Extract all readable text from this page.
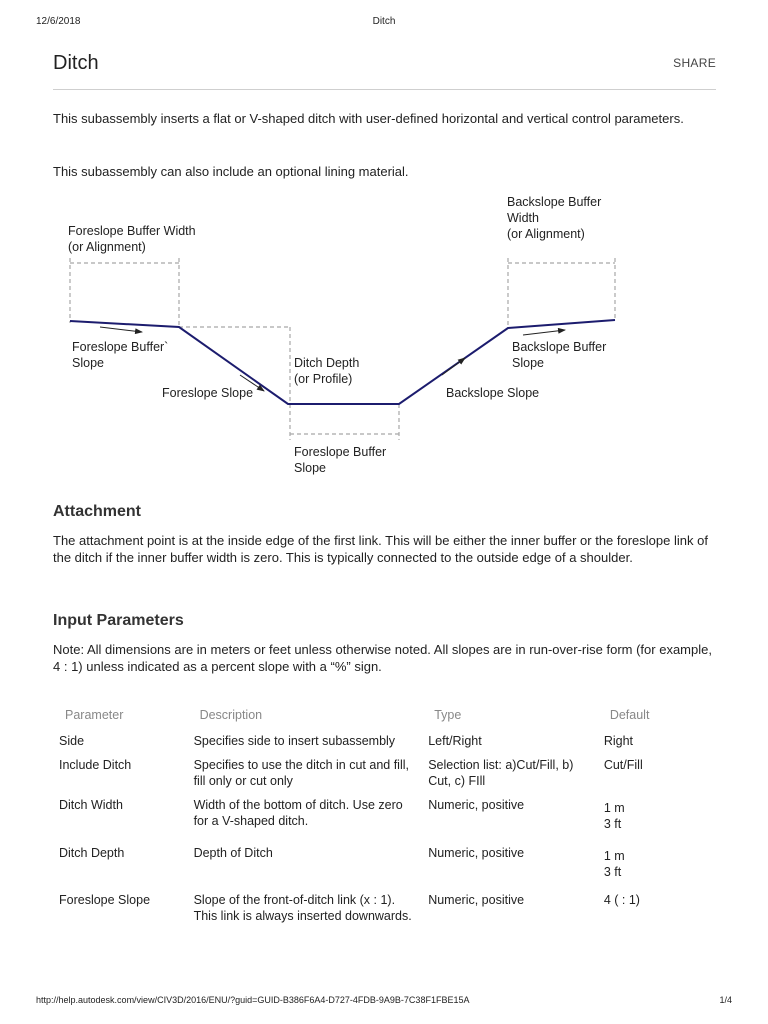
12/6/2018	Ditch
Ditch	SHARE

This subassembly inserts a flat or V-shaped ditch with user-defined horizontal and vertical control parameters.

This subassembly can also include an optional lining material.

Foreslope Buffer Width
(or Alignment)
Backslope Buffer
Width
(or Alignment)
Foreslope Buffer`
Slope	Ditch Depth
(or Profile)
Backslope Buffer
Slope
Foreslope Slope	Backslope Slope
Foreslope Buffer
Slope
Attachment

The attachment point is at the inside edge of the first link. This will be either the inner buffer or the foreslope link of the ditch if the inner buffer width is zero. This is typically connected to the outside edge of a shoulder.

Input Parameters

Note: All dimensions are in meters or feet unless otherwise noted. All slopes are in run-over-rise form (for example, 4 : 1) unless indicated as a percent slope with a “%” sign.

Parameter	Description	Type	Default
Side	Specifies side to insert subassembly	Left/Right	Right

Include Ditch	Specifies to use the ditch in cut and fill, fill only or cut only	Selection list: a)Cut/Fill, b) Cut, c) FIll	Cut/Fill

Ditch Width	Width of the bottom of ditch. Use zero for a V-shaped ditch.	Numeric, positive	1 m
3 ft

Ditch Depth	Depth of Ditch	Numeric, positive	1 m
3 ft

Foreslope Slope	Slope of the front-of-ditch link (x : 1). This link is always inserted downwards.	Numeric, positive	4 ( : 1)
http://help.autodesk.com/view/CIV3D/2016/ENU/?guid=GUID-B386F6A4-D727-4FDB-9A9B-7C38F1FBE15A	1/4
